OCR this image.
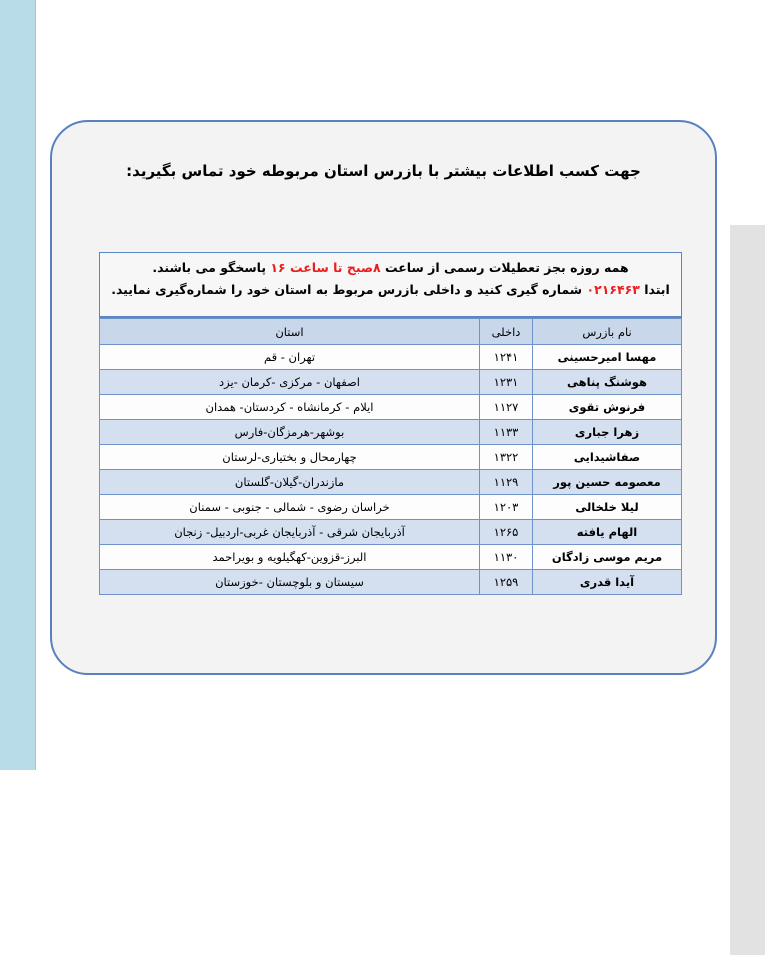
جهت کسب اطلاعات بیشتر با بازرس استان مربوطه خود تماس بگیرید:
همه روزه بجز تعطیلات رسمی از ساعت ۸صبح تا ساعت ۱۶ پاسخگو می باشند.
ابتدا ۰۲۱۶۴۶۳ شماره گیری کنید و داخلی بازرس مربوط به استان خود را شماره‌گیری نمایید.
نام بازرس	داخلی	استان
مهسا امیرحسینی	۱۲۴۱	تهران - قم
هوشنگ پناهی	۱۲۳۱	اصفهان - مرکزی -کرمان -یزد
فرنوش تقوی	۱۱۲۷	ایلام - کرمانشاه - کردستان- همدان
زهرا جباری	۱۱۳۳	بوشهر-هرمزگان-فارس
صفاشیدایی	۱۳۲۲	چهارمحال و بختیاری-لرستان
معصومه حسین پور	۱۱۲۹	مازندران-گیلان-گلستان
لیلا خلخالی	۱۲۰۳	خراسان رضوی - شمالی - جنوبی - سمنان
الهام یافته	۱۲۶۵	آذربایجان شرقی - آذربایجان غربی-اردبیل- زنجان
مریم موسی زادگان	۱۱۳۰	البرز-قزوین-کهگیلویه و بویراحمد
آیدا قدری	۱۲۵۹	سیستان و بلوچستان -خوزستان
